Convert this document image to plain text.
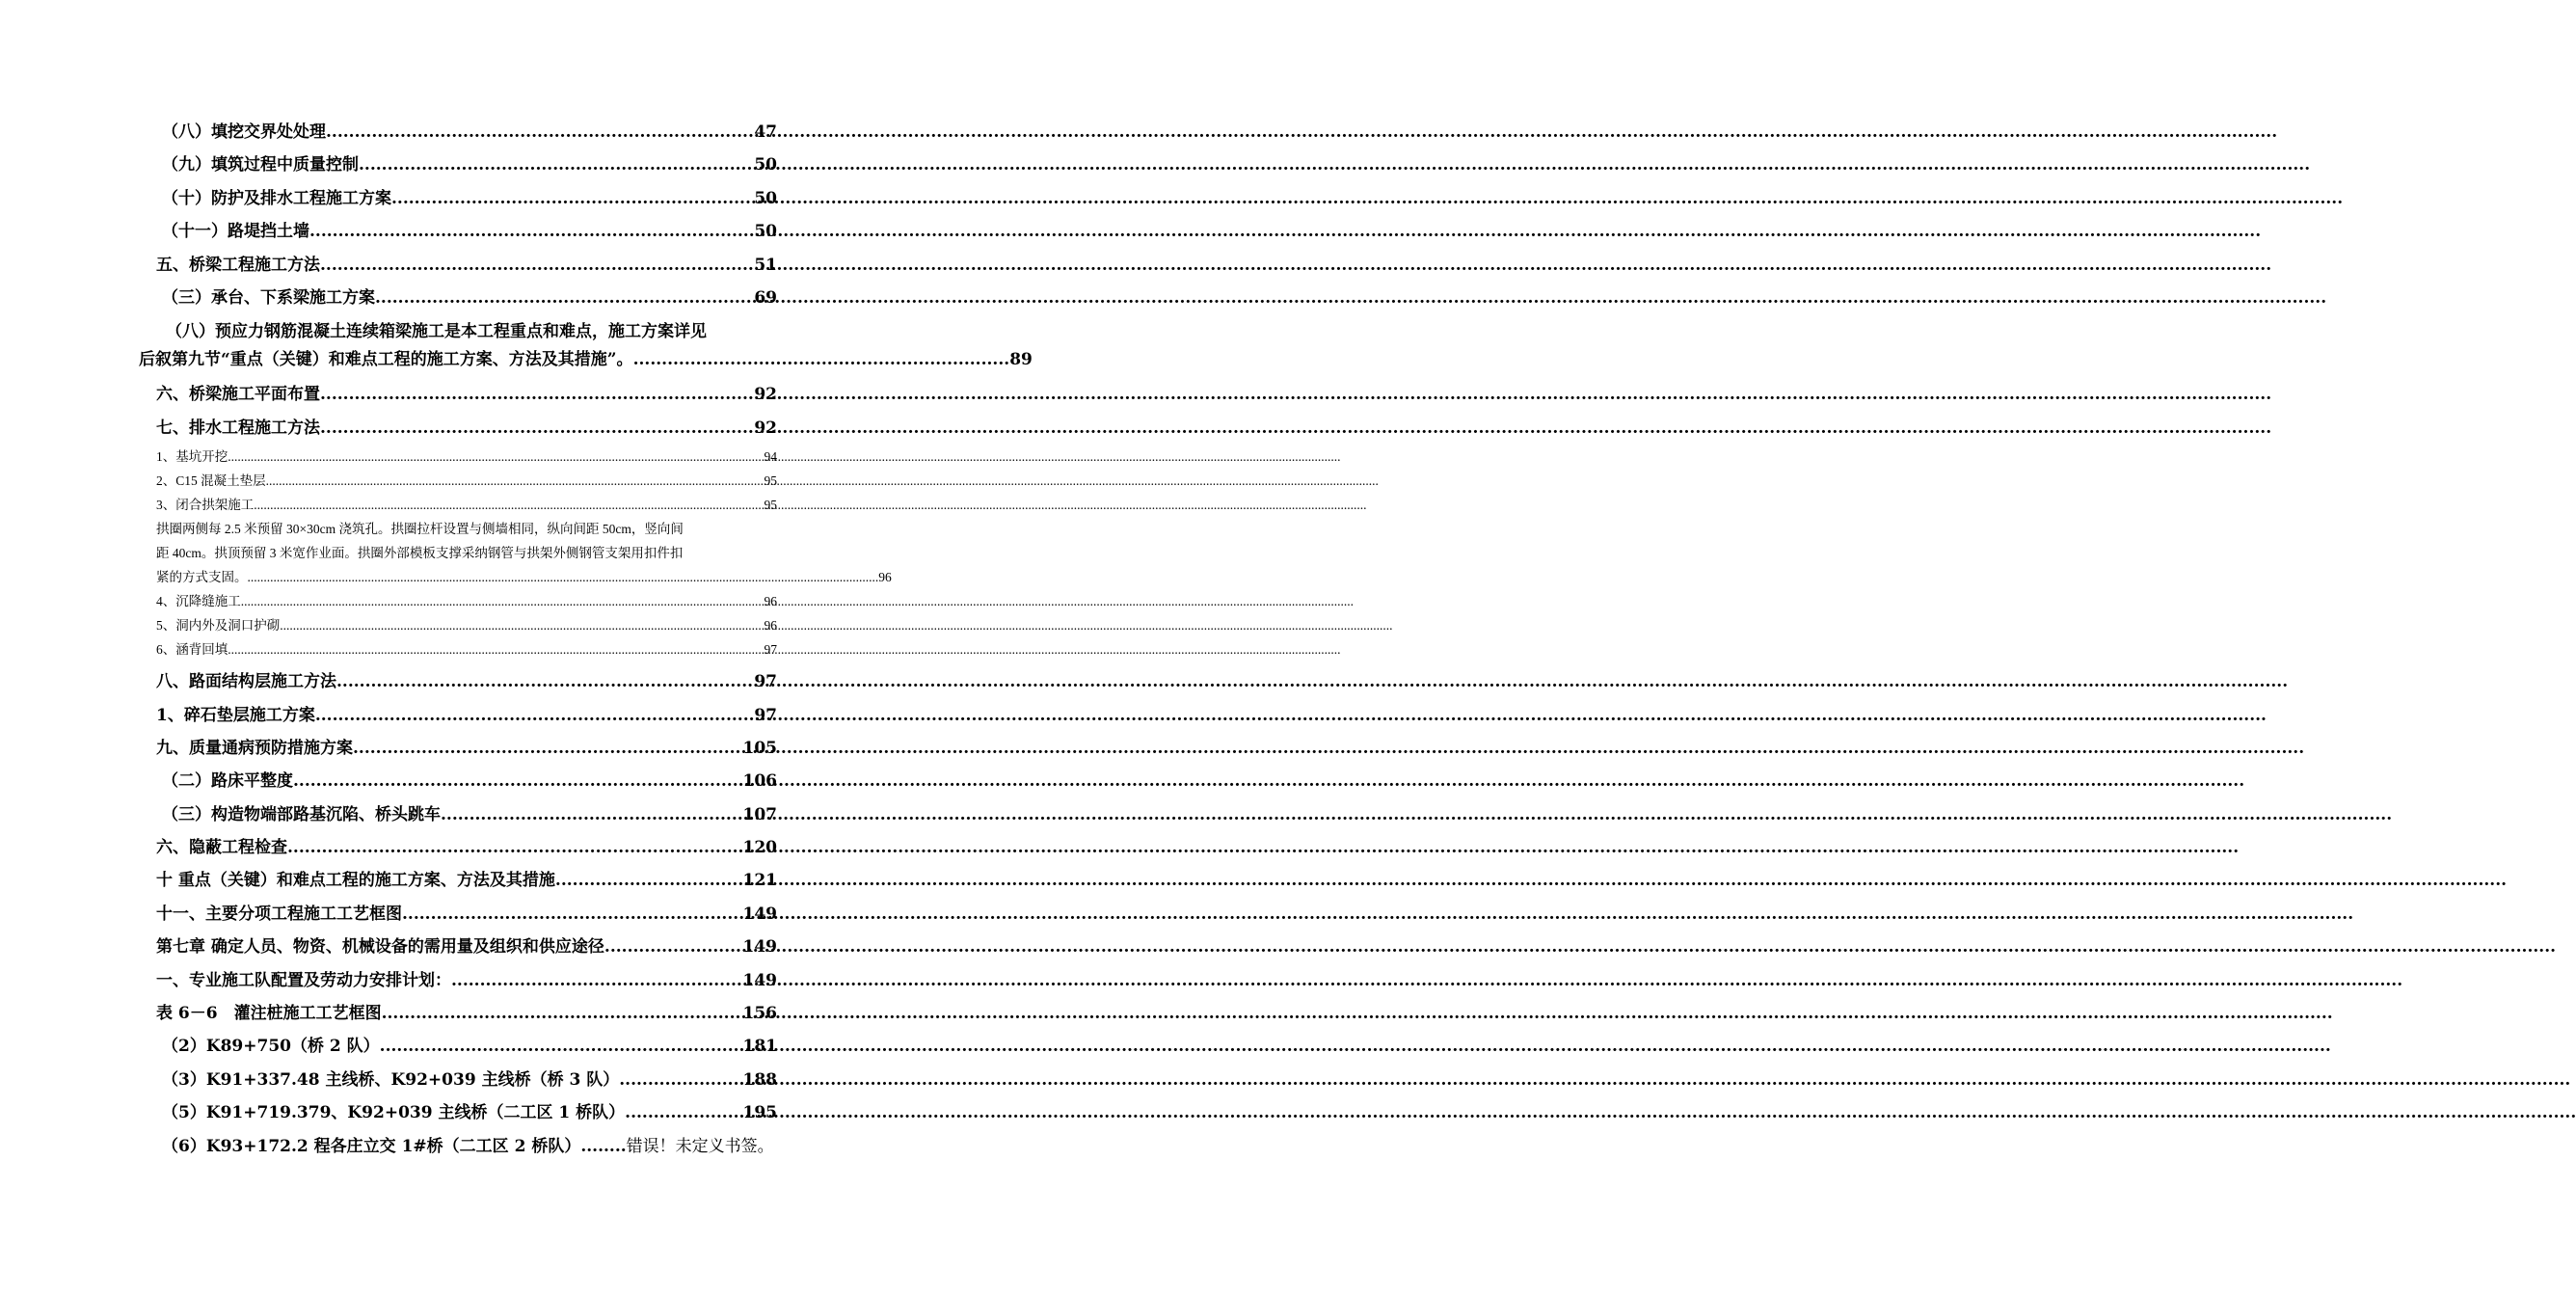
（八）填挖交界处处理 .....	47
（九）填筑过程中质量控制 .....	50
（十）防护及排水工程施工方案 .....	50
（十一）路堤挡土墙 .....	50
五、桥梁工程施工方法 .....	51
（三）承台、下系梁施工方案 .....	69
（八）预应力钢筋混凝土连续箱梁施工是本工程重点和难点，施工方案详见
后叙第九节“重点（关键）和难点工程的施工方案、方法及其措施”。 .................................................................. 89
六、桥梁施工平面布置 .....	92
七、排水工程施工方法 .....	92
1、基坑开挖 .....	94
2、C15 混凝土垫层 .....	95
3、闭合拱架施工 .....	95
拱圈两侧每 2.5 米预留 30×30cm 浇筑孔。拱圈拉杆设置与侧墙相同，纵向间距 50cm，竖向间
距 40cm。拱顶预留 3 米宽作业面。拱圈外部模板支撑采纳钢管与拱架外侧钢管支架用扣件扣
紧的方式支固。 .................................................................................................................................................................................................. 96
4、沉降缝施工 .....	96
5、洞内外及洞口护砌 .....	96
6、涵背回填 .....	97
八、路面结构层施工方法 .....	97
1、碎石垫层施工方案 .....	97
九、质量通病预防措施方案 .....	105
（二）路床平整度 .....	106
（三）构造物端部路基沉陷、桥头跳车 .....	107
六、隐蔽工程检查 .....	120
十 重点（关键）和难点工程的施工方案、方法及其措施 .....	121
十一、主要分项工程施工工艺框图 .....	149
第七章 确定人员、物资、机械设备的需用量及组织和供应途径 .....	149
一、专业施工队配置及劳动力安排计划： .....	149
表 6－6　灌注桩施工工艺框图 .....	156
（2）K89+750（桥 2 队） .....	181
（3）K91+337.48 主线桥、K92+039 主线桥（桥 3 队） .....	188
（5）K91+719.379、K92+039 主线桥（二工区 1 桥队） .....	195
（6）K93+172.2 程各庄立交 1#桥（二工区 2 桥队）........ 错误！未定义书签。
